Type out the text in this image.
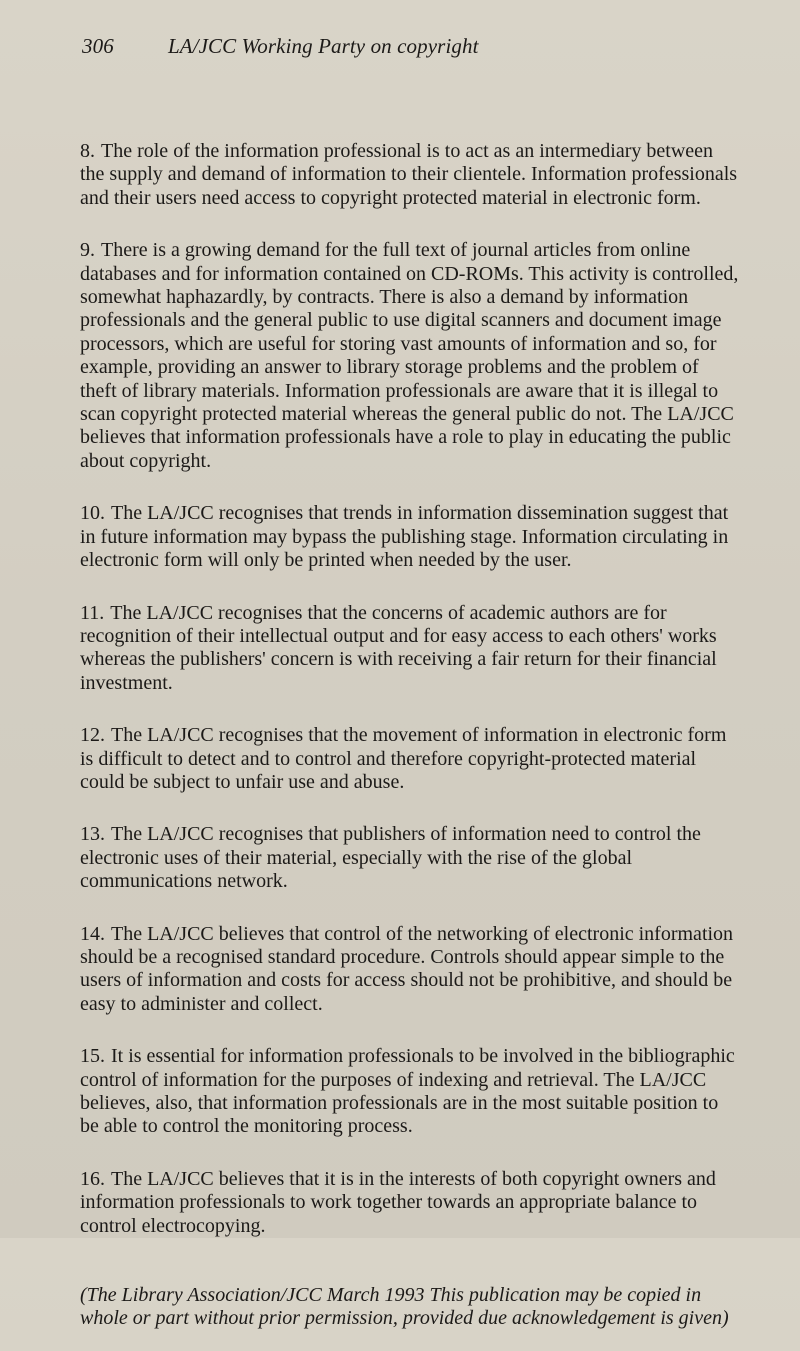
306	LA/JCC Working Party on copyright

8. The role of the information professional is to act as an intermediary between the supply and demand of information to their clientele. Information professionals and their users need access to copyright protected material in electronic form.

9. There is a growing demand for the full text of journal articles from online databases and for information contained on CD-ROMs. This activity is controlled, somewhat haphazardly, by contracts. There is also a demand by information professionals and the general public to use digital scanners and document image processors, which are useful for storing vast amounts of information and so, for example, providing an answer to library storage problems and the problem of theft of library materials. Information professionals are aware that it is illegal to scan copyright protected material whereas the general public do not. The LA/JCC believes that information professionals have a role to play in educating the public about copyright.

10. The LA/JCC recognises that trends in information dissemination suggest that in future information may bypass the publishing stage. Information circulating in electronic form will only be printed when needed by the user.

11. The LA/JCC recognises that the concerns of academic authors are for recognition of their intellectual output and for easy access to each others' works whereas the publishers' concern is with receiving a fair return for their financial investment.

12. The LA/JCC recognises that the movement of information in electronic form is difficult to detect and to control and therefore copyright-protected material could be subject to unfair use and abuse.

13. The LA/JCC recognises that publishers of information need to control the electronic uses of their material, especially with the rise of the global communications network.

14. The LA/JCC believes that control of the networking of electronic information should be a recognised standard procedure. Controls should appear simple to the users of information and costs for access should not be prohibitive, and should be easy to administer and collect.

15. It is essential for information professionals to be involved in the bibliographic control of information for the purposes of indexing and retrieval. The LA/JCC believes, also, that information professionals are in the most suitable position to be able to control the monitoring process.

16. The LA/JCC believes that it is in the interests of both copyright owners and information professionals to work together towards an appropriate balance to control electrocopying.

(The Library Association/JCC March 1993 This publication may be copied in whole or part without prior permission, provided due acknowledgement is given)
